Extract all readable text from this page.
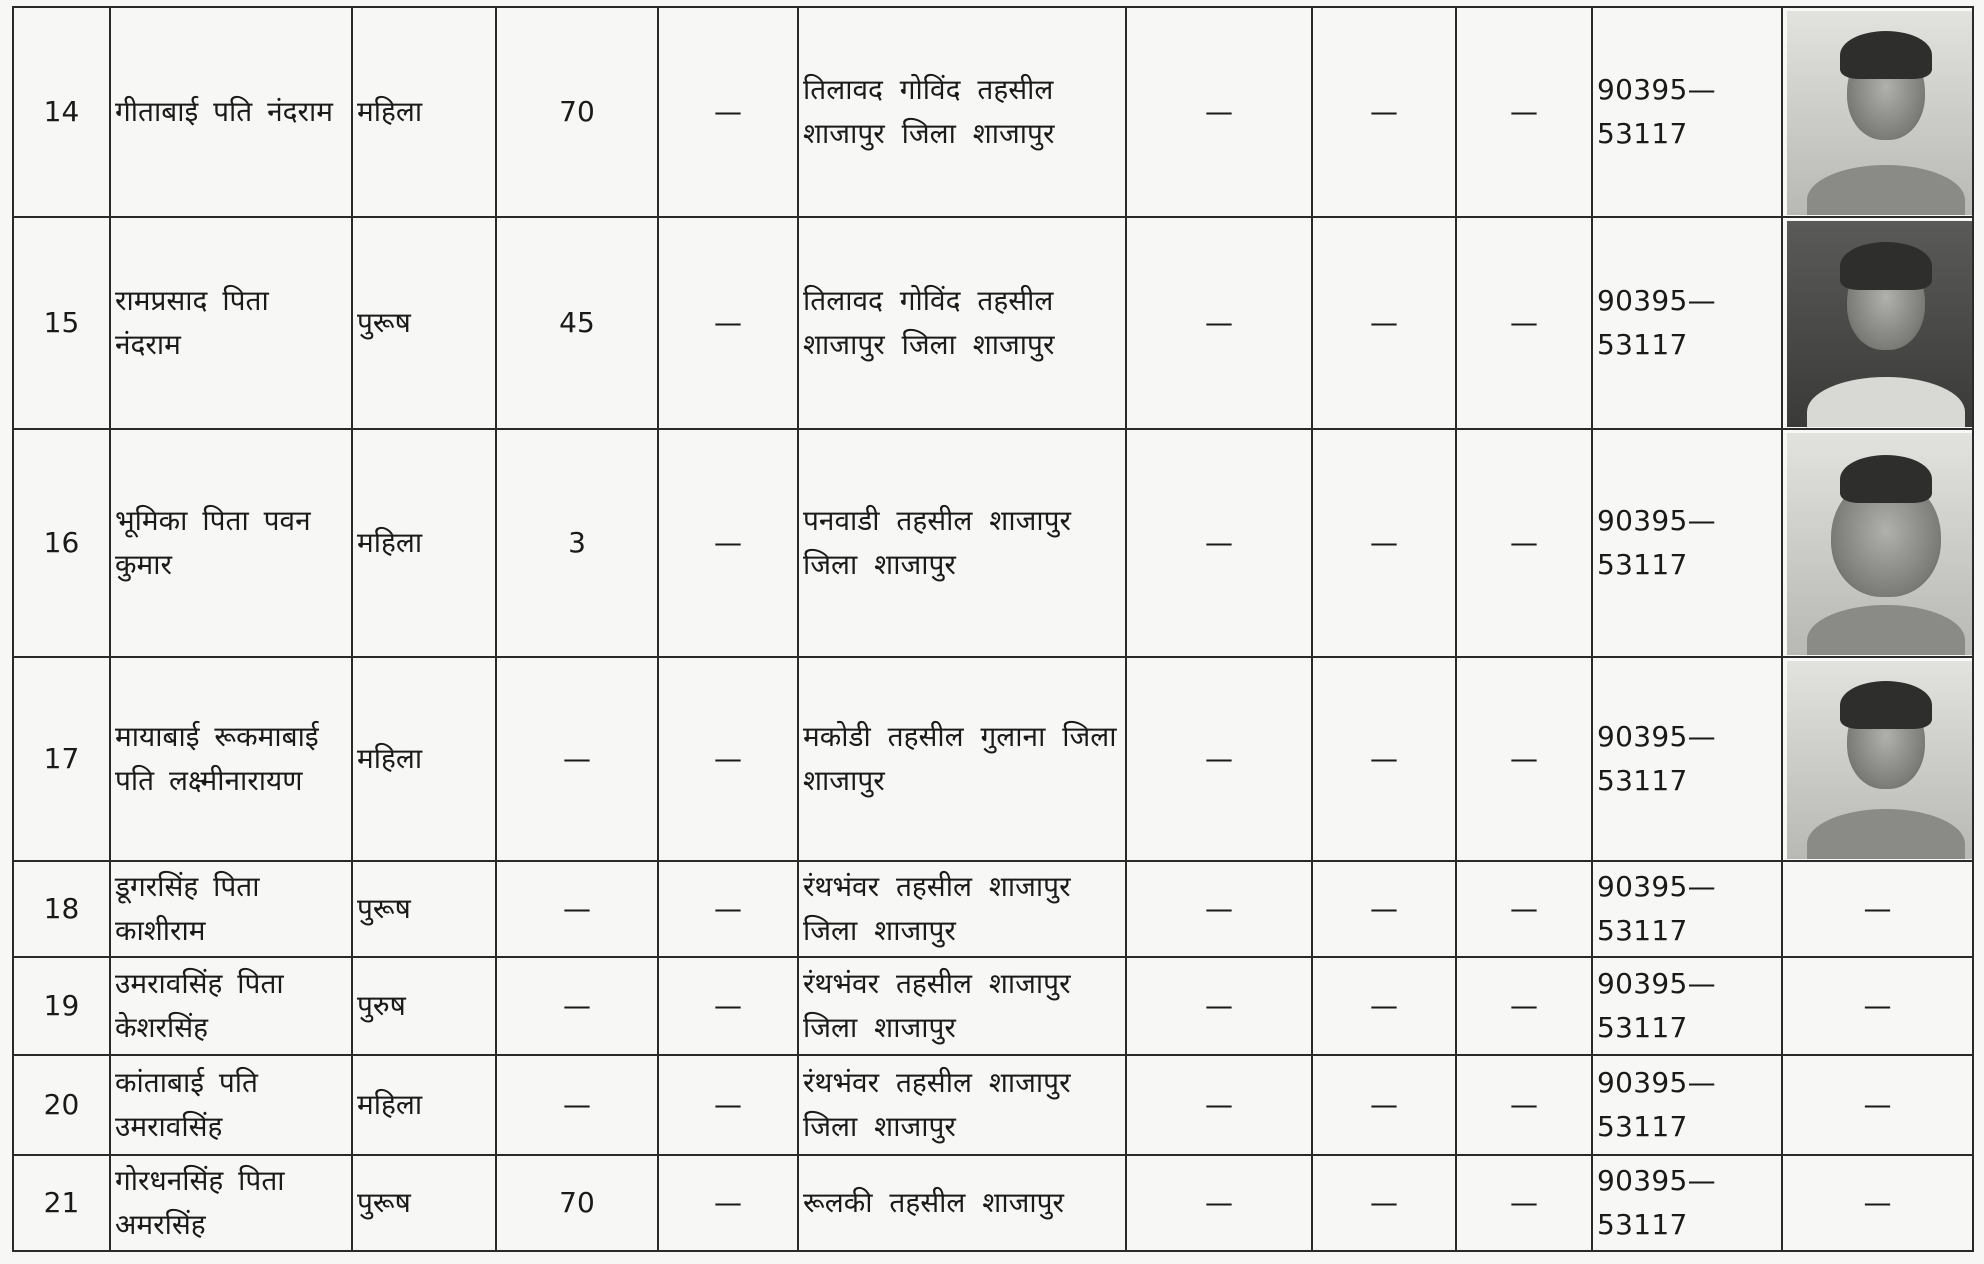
14	गीताबाई पति नंदराम	महिला	70	—	तिलावद गोविंद तहसील शाजापुर जिला शाजापुर	—	—	—	90395—53117	

15	रामप्रसाद पिता नंदराम	पुरूष	45	—	तिलावद गोविंद तहसील शाजापुर जिला शाजापुर	—	—	—	90395—53117	

16	भूमिका पिता पवन कुमार	महिला	3	—	पनवाडी तहसील शाजापुर जिला शाजापुर	—	—	—	90395—53117	

17	मायाबाई रूकमाबाई पति लक्ष्मीनारायण	महिला	—	—	मकोडी तहसील गुलाना जिला शाजापुर	—	—	—	90395—53117	

18	डूगरसिंह पिता काशीराम	पुरूष	—	—	रंथभंवर तहसील शाजापुर जिला शाजापुर	—	—	—	90395—53117	—
19	उमरावसिंह पिता केशरसिंह	पुरुष	—	—	रंथभंवर तहसील शाजापुर जिला शाजापुर	—	—	—	90395—53117	—
20	कांताबाई पति उमरावसिंह	महिला	—	—	रंथभंवर तहसील शाजापुर जिला शाजापुर	—	—	—	90395—53117	—
21	गोरधनसिंह पिता अमरसिंह	पुरूष	70	—	रूलकी तहसील शाजापुर	—	—	—	90395—53117	—
